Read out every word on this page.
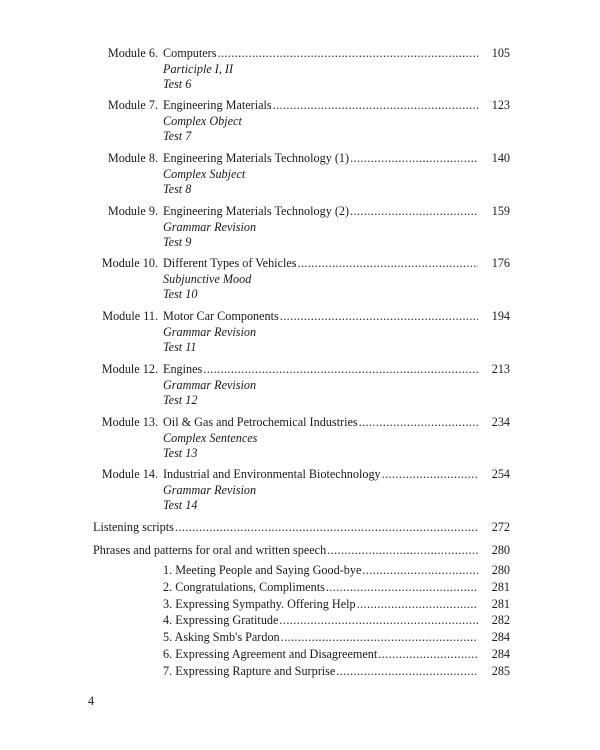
Module 6. Computers .....	105
Participle I, II
Test 6
Module 7. Engineering Materials .....	123
Complex Object
Test 7
Module 8. Engineering Materials Technology (1) .....	140
Complex Subject
Test 8
Module 9. Engineering Materials Technology (2) .....	159
Grammar Revision
Test 9
Module 10. Different Types of Vehicles .....	176
Subjunctive Mood
Test 10
Module 11. Motor Car Components .....	194
Grammar Revision
Test 11
Module 12. Engines .....	213
Grammar Revision
Test 12
Module 13. Oil & Gas and Petrochemical Industries .....	234
Complex Sentences
Test 13
Module 14. Industrial and Environmental Biotechnology .....	254
Grammar Revision
Test 14
Listening scripts .....	272
Phrases and patterns for oral and written speech .....	280
1. Meeting People and Saying Good-bye .....	280
2. Congratulations, Compliments .....	281
3. Expressing Sympathy. Offering Help .....	281
4. Expressing Gratitude .....	282
5. Asking Smb's Pardon .....	284
6. Expressing Agreement and Disagreement .....	284
7. Expressing Rapture and Surprise .....	285
4
